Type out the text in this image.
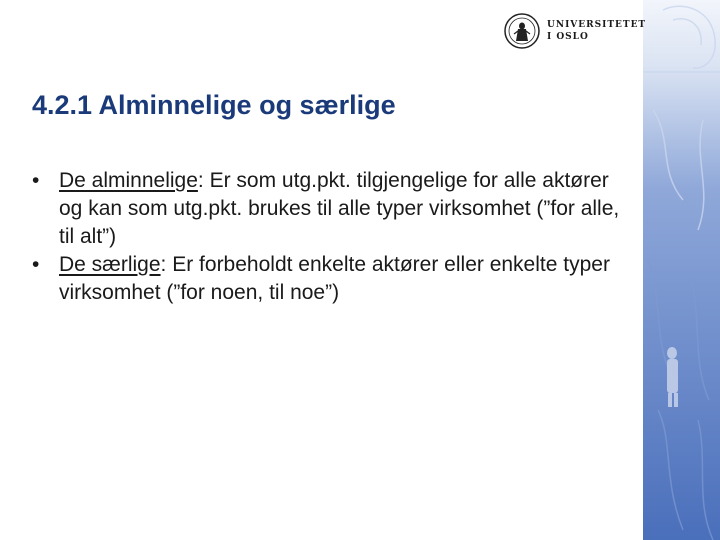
UNIVERSITETET
I OSLO
4.2.1 Alminnelige og særlige
• De alminnelige: Er som utg.pkt. tilgjengelige for alle aktører og kan som utg.pkt. brukes til alle typer virksomhet (”for alle, til alt”)
• De særlige: Er forbeholdt enkelte aktører eller enkelte typer virksomhet (”for noen, til noe”)
